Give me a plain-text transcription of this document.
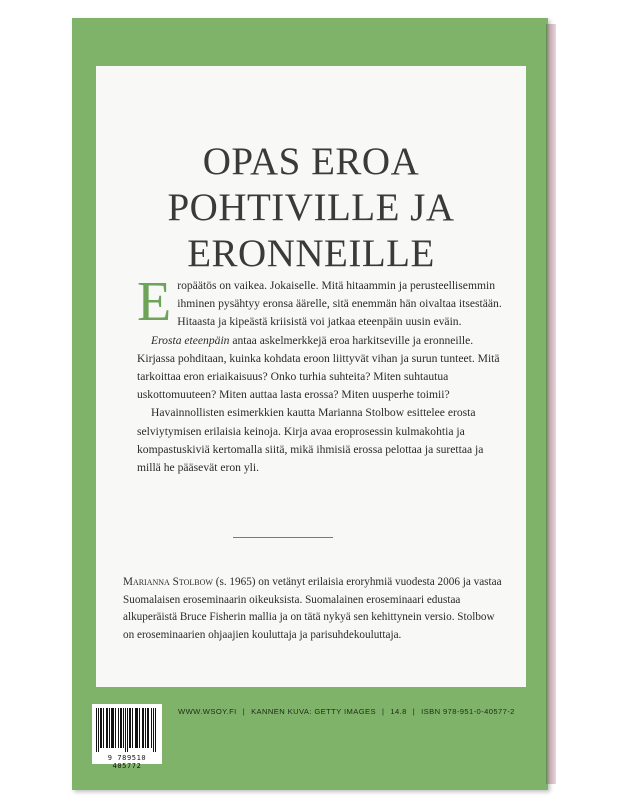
OPAS EROA
POHTIVILLE JA
ERONNEILLE

Eropäätös on vaikea. Jokaiselle. Mitä hitaammin ja perusteellisemmin ihminen pysähtyy eronsa äärelle, sitä enemmän hän oivaltaa itsestään. Hitaasta ja kipeästä kriisistä voi jatkaa eteenpäin uusin eväin.

Erosta eteenpäin antaa askelmerkkejä eroa harkitseville ja eronneille. Kirjassa pohditaan, kuinka kohdata eroon liittyvät vihan ja surun tunteet. Mitä tarkoittaa eron eriaikaisuus? Onko turhia suhteita? Miten suhtautua uskottomuuteen? Miten auttaa lasta erossa? Miten uusperhe toimii?

Havainnollisten esimerkkien kautta Marianna Stolbow esittelee erosta selviytymisen erilaisia keinoja. Kirja avaa eroprosessin kulmakohtia ja kompastuskiviä kertomalla siitä, mikä ihmisiä erossa pelottaa ja surettaa ja millä he pääsevät eron yli.

Marianna Stolbow (s. 1965) on vetänyt erilaisia eroryhmiä vuodesta 2006 ja vastaa Suomalaisen eroseminaarin oikeuksista. Suomalainen eroseminaari edustaa alkuperäistä Bruce Fisherin mallia ja on tätä nykyä sen kehittynein versio. Stolbow on eroseminaarien ohjaajien kouluttaja ja parisuhdekouluttaja.

9 789510 405772
WWW.WSOY.FI | KANNEN KUVA: GETTY IMAGES | 14.8 | ISBN 978-951-0-40577-2
